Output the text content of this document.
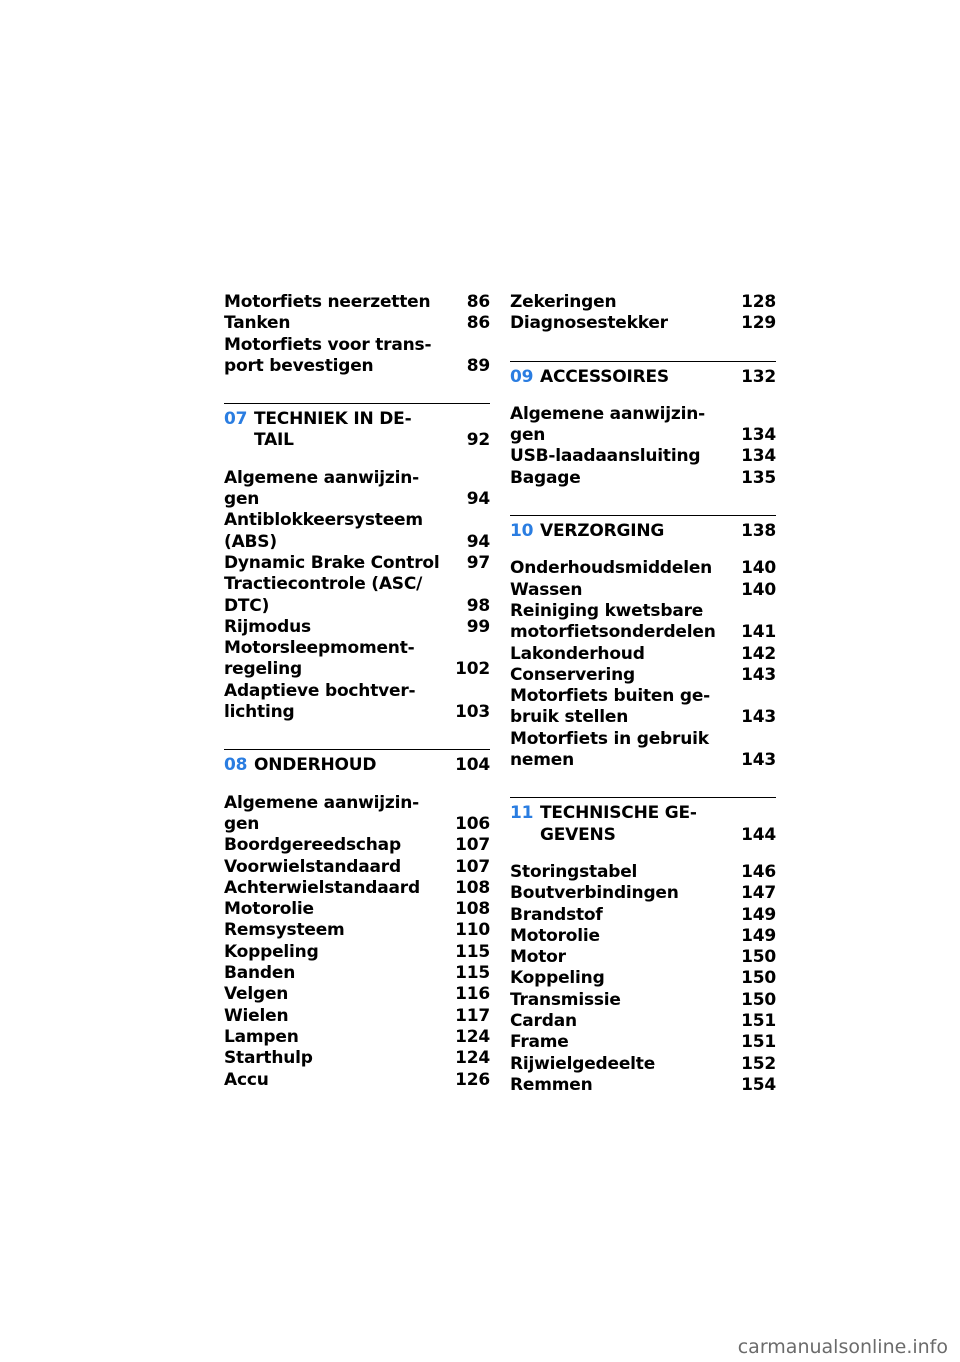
Motorfiets neerzetten	86
Tanken	86
Motorfiets voor trans-
port bevestigen	89
07 TECHNIEK IN DE-
TAIL	92
Algemene aanwijzin-
gen	94
Antiblokkeersysteem
(ABS)	94
Dynamic Brake Control	97
Tractiecontrole (ASC/
DTC)	98
Rijmodus	99
Motorsleepmoment-
regeling	102
Adaptieve bochtver-
lichting	103
08 ONDERHOUD	104
Algemene aanwijzin-
gen	106
Boordgereedschap	107
Voorwielstandaard	107
Achterwielstandaard	108
Motorolie	108
Remsysteem	110
Koppeling	115
Banden	115
Velgen	116
Wielen	117
Lampen	124
Starthulp	124
Accu	126
Zekeringen	128
Diagnosestekker	129
09 ACCESSOIRES	132
Algemene aanwijzin-
gen	134
USB-laadaansluiting	134
Bagage	135
10 VERZORGING	138
Onderhoudsmiddelen	140
Wassen	140
Reiniging kwetsbare
motorfietsonderdelen	141
Lakonderhoud	142
Conservering	143
Motorfiets buiten ge-
bruik stellen	143
Motorfiets in gebruik
nemen	143
11 TECHNISCHE GE-
GEVENS	144
Storingstabel	146
Boutverbindingen	147
Brandstof	149
Motorolie	149
Motor	150
Koppeling	150
Transmissie	150
Cardan	151
Frame	151
Rijwielgedeelte	152
Remmen	154
carmanualsonline.info
